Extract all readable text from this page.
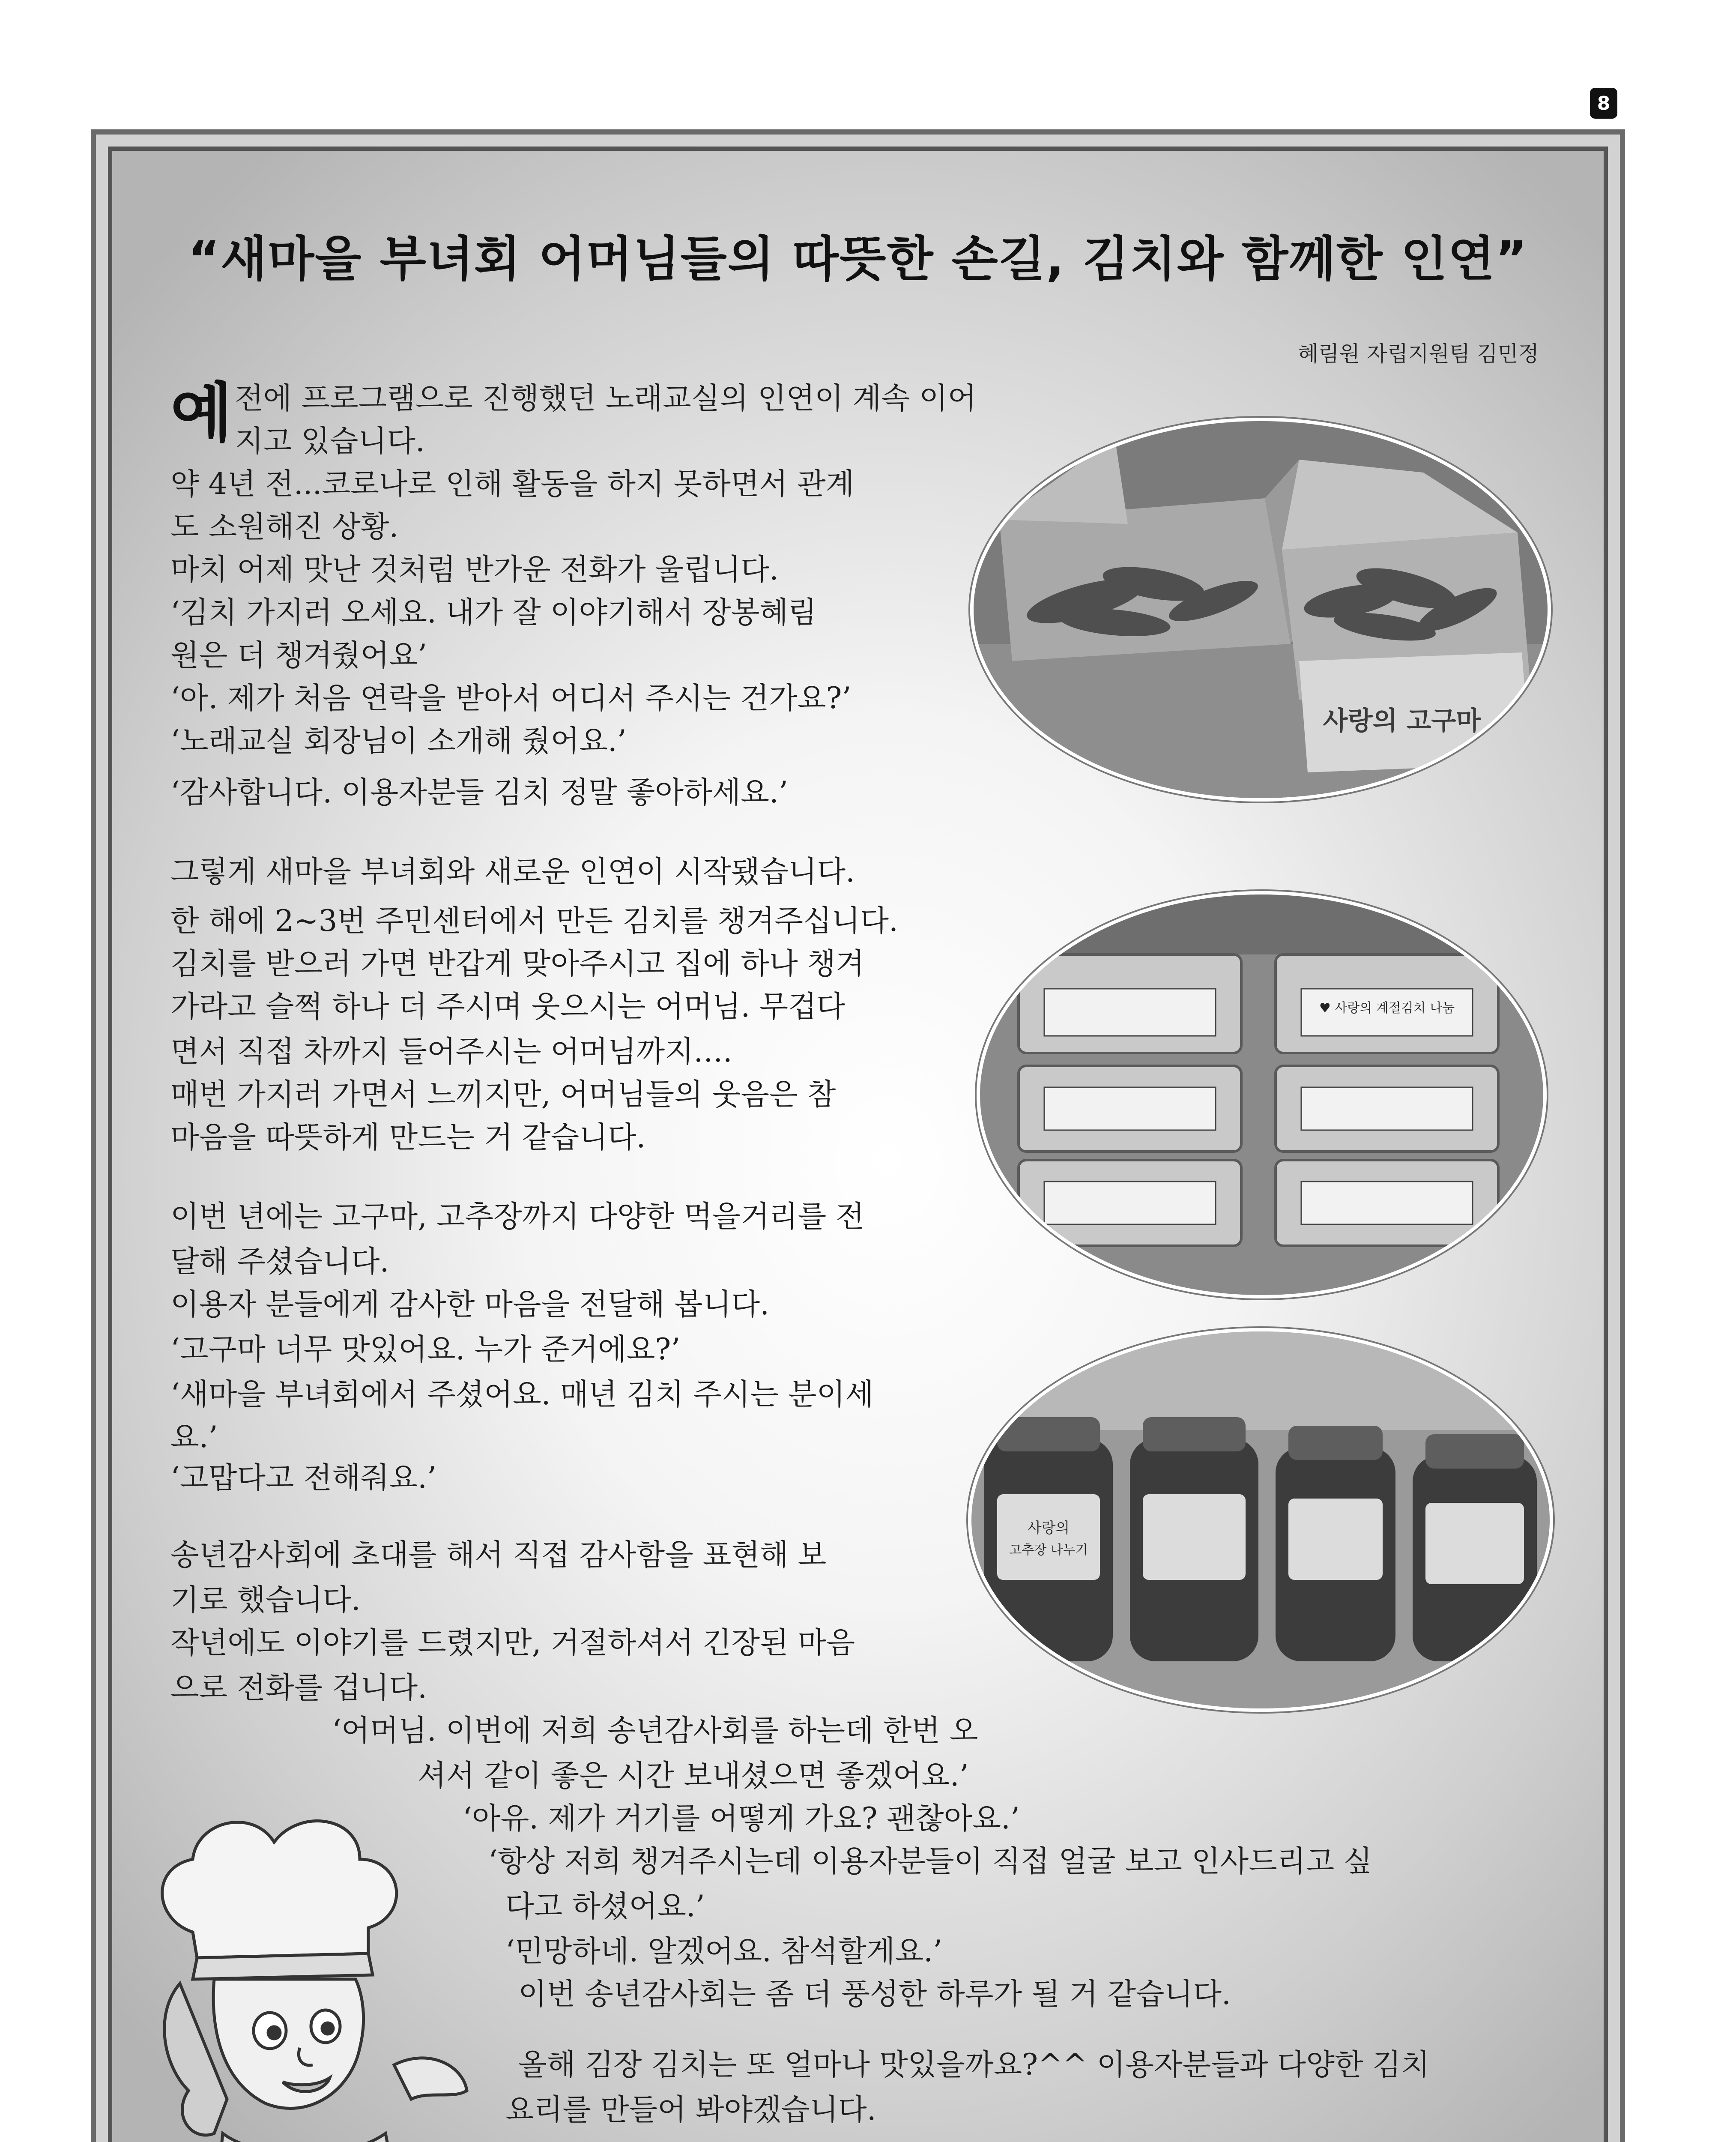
8
“새마을 부녀회 어머님들의 따뜻한 손길, 김치와 함께한 인연”
혜림원 자립지원팀 김민정
예 전에 프로그램으로 진행했던 노래교실의 인연이 계속 이어
지고 있습니다.
약 4년 전...코로나로 인해 활동을 하지 못하면서 관계
도 소원해진 상황.
마치 어제 맛난 것처럼 반가운 전화가 울립니다.
‘김치 가지러 오세요. 내가 잘 이야기해서 장봉혜림
원은 더 챙겨줬어요’
‘아. 제가 처음 연락을 받아서 어디서 주시는 건가요?’
‘노래교실 회장님이 소개해 줬어요.’
‘감사합니다. 이용자분들 김치 정말 좋아하세요.’
그렇게 새마을 부녀회와 새로운 인연이 시작됐습니다.
한 해에 2~3번 주민센터에서 만든 김치를 챙겨주십니다.
김치를 받으러 가면 반갑게 맞아주시고 집에 하나 챙겨
가라고 슬쩍 하나 더 주시며 웃으시는 어머님. 무겁다
면서 직접 차까지 들어주시는 어머님까지….
매번 가지러 가면서 느끼지만, 어머님들의 웃음은 참
마음을 따뜻하게 만드는 거 같습니다.
이번 년에는 고구마, 고추장까지 다양한 먹을거리를 전
달해 주셨습니다.
이용자 분들에게 감사한 마음을 전달해 봅니다.
‘고구마 너무 맛있어요. 누가 준거에요?’
‘새마을 부녀회에서 주셨어요. 매년 김치 주시는 분이세
요.’
‘고맙다고 전해줘요.’
송년감사회에 초대를 해서 직접 감사함을 표현해 보
기로 했습니다.
작년에도 이야기를 드렸지만, 거절하셔서 긴장된 마음
으로 전화를 겁니다.
‘어머님. 이번에 저희 송년감사회를 하는데 한번 오
셔서 같이 좋은 시간 보내셨으면 좋겠어요.’
‘아유. 제가 거기를 어떻게 가요? 괜찮아요.’
‘항상 저희 챙겨주시는데 이용자분들이 직접 얼굴 보고 인사드리고 싶
다고 하셨어요.’
‘민망하네. 알겠어요. 참석할게요.’
이번 송년감사회는 좀 더 풍성한 하루가 될 거 같습니다.
올해 김장 김치는 또 얼마나 맛있을까요?^^ 이용자분들과 다양한 김치
요리를 만들어 봐야겠습니다.
사랑의 고구마
♥ 사랑의 계절김치 나눔
사랑의
고추장 나누기
